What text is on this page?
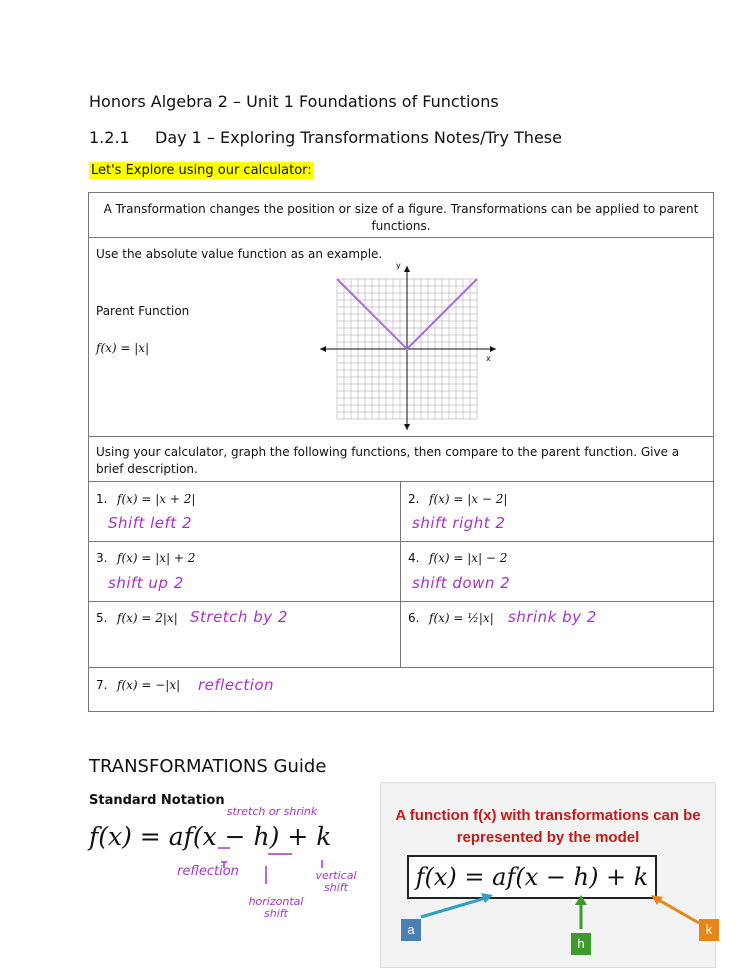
Honors Algebra 2 – Unit 1 Foundations of Functions
1.2.1 Day 1 – Exploring Transformations Notes/Try These
Let's Explore using our calculator:
A Transformation changes the position or size of a figure. Transformations can be applied to parent functions.
Use the absolute value function as an example.
Parent Function
f(x) = |x|
y
x
Using your calculator, graph the following functions, then compare to the parent function. Give a brief description.
1. f(x) = |x + 2|
Shift left 2
2. f(x) = |x − 2|
shift right 2
3. f(x) = |x| + 2
shift up 2
4. f(x) = |x| − 2
shift down 2
5. f(x) = 2|x| Stretch by 2	6. f(x) = ½|x| shrink by 2
7. f(x) = −|x| reflection
TRANSFORMATIONS Guide
Standard Notation
f(x) = af(x − h) + k
stretch or shrink
reflection
horizontal shift
vertical shift
A function f(x) with transformations can be represented by the model
f(x) = af(x − h) + k
a
h
k
